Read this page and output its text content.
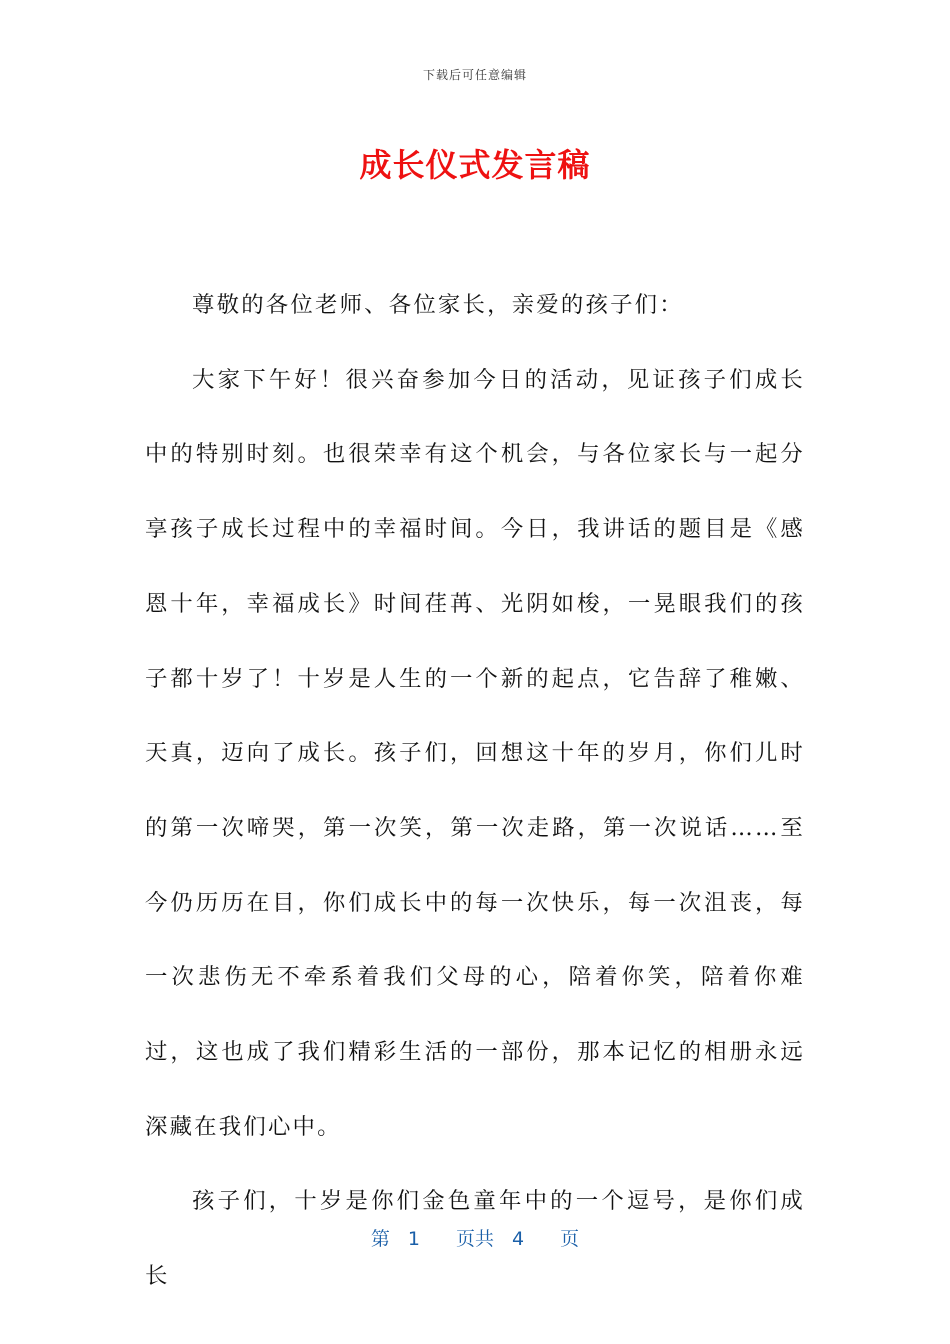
下载后可任意编辑
成长仪式发言稿

尊敬的各位老师、各位家长，亲爱的孩子们：

大家下午好！很兴奋参加今日的活动，见证孩子们成长中的特别时刻。也很荣幸有这个机会，与各位家长与一起分享孩子成长过程中的幸福时间。今日，我讲话的题目是《感恩十年，幸福成长》时间荏苒、光阴如梭，一晃眼我们的孩子都十岁了！十岁是人生的一个新的起点，它告辞了稚嫩、天真，迈向了成长。孩子们，回想这十年的岁月，你们儿时的第一次啼哭，第一次笑，第一次走路，第一次说话……至今仍历历在目，你们成长中的每一次快乐，每一次沮丧，每一次悲伤无不牵系着我们父母的心，陪着你笑，陪着你难过，这也成了我们精彩生活的一部份，那本记忆的相册永远深藏在我们心中。

孩子们，十岁是你们金色童年中的一个逗号，是你们成长

第 1 页共 4 页
